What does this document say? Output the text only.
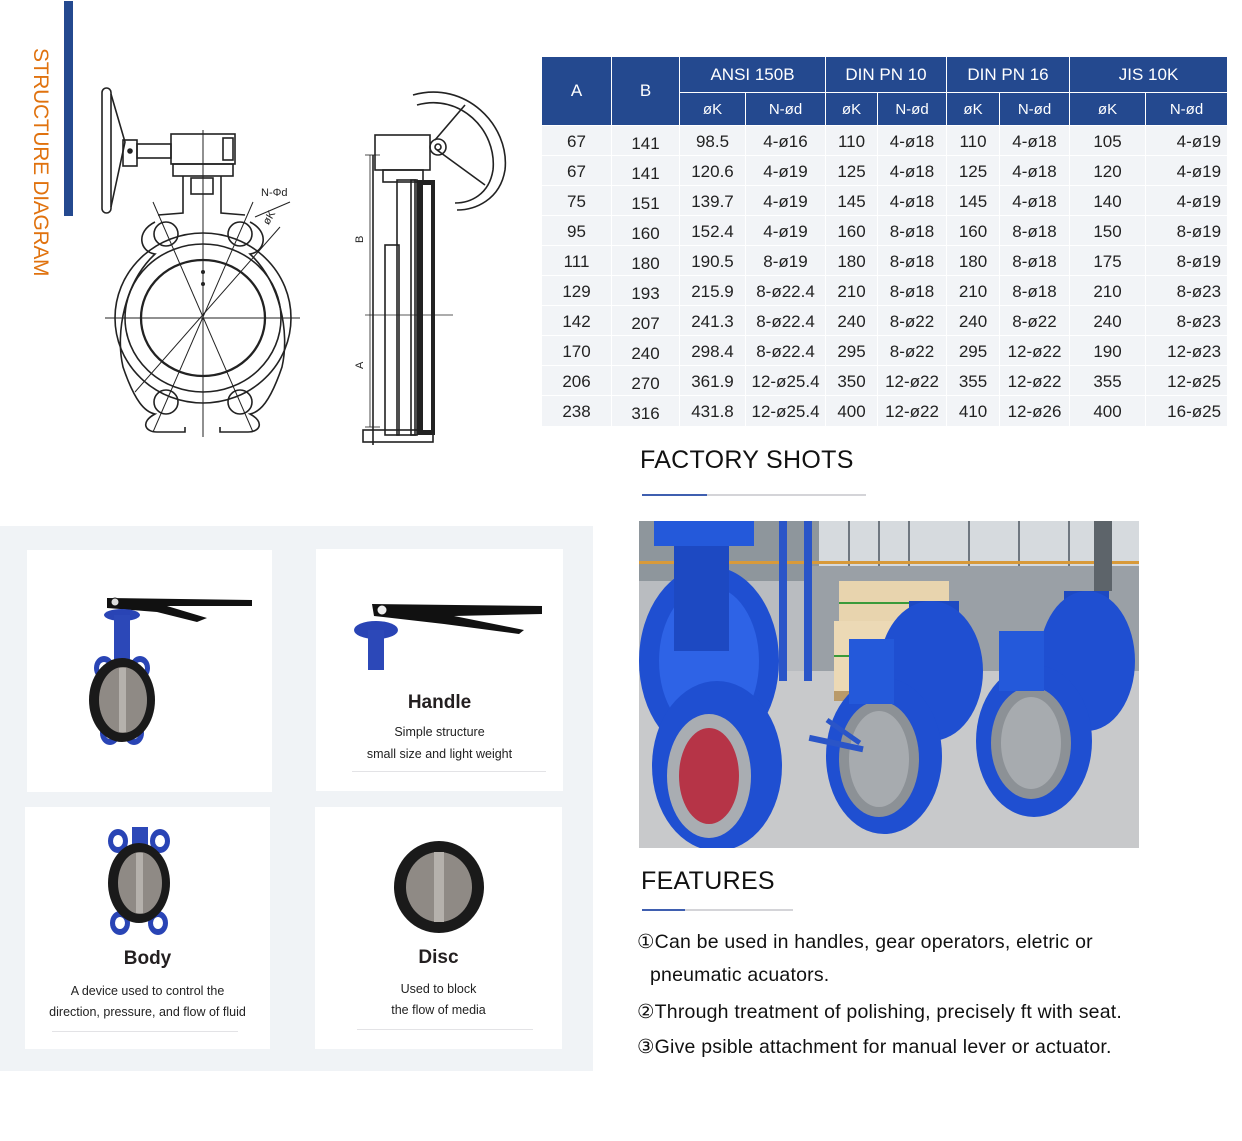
STRUCTURE DIAGRAM	N-Φd
øK
B
A
A	B	ANSI 150B		DIN PN 10		DIN PN 16		JIS 10K	
		øK	N-ød	øK	N-ød	øK	N-ød	øK	N-ød
67	141	98.5	4-ø16	110	4-ø18	110	4-ø18	105	4-ø19
67	141	120.6	4-ø19	125	4-ø18	125	4-ø18	120	4-ø19
75	151	139.7	4-ø19	145	4-ø18	145	4-ø18	140	4-ø19
95	160	152.4	4-ø19	160	8-ø18	160	8-ø18	150	8-ø19
111	180	190.5	8-ø19	180	8-ø18	180	8-ø18	175	8-ø19
129	193	215.9	8-ø22.4	210	8-ø18	210	8-ø18	210	8-ø23
142	207	241.3	8-ø22.4	240	8-ø22	240	8-ø22	240	8-ø23
170	240	298.4	8-ø22.4	295	8-ø22	295	12-ø22	190	12-ø23
206	270	361.9	12-ø25.4	350	12-ø22	355	12-ø22	355	12-ø25
238	316	431.8	12-ø25.4	400	12-ø22	410	12-ø26	400	16-ø25
FACTORY SHOTS
Handle
Simple structure
small size and light weight
Body
A device used to control the
direction, pressure, and flow of fluid
Disc
Used to block
the flow of media
FEATURES
①Can be used in handles, gear operators, eletric or
pneumatic acuators.
②Through treatment of polishing, precisely ft with seat.
③Give psible attachment for manual lever or actuator.
